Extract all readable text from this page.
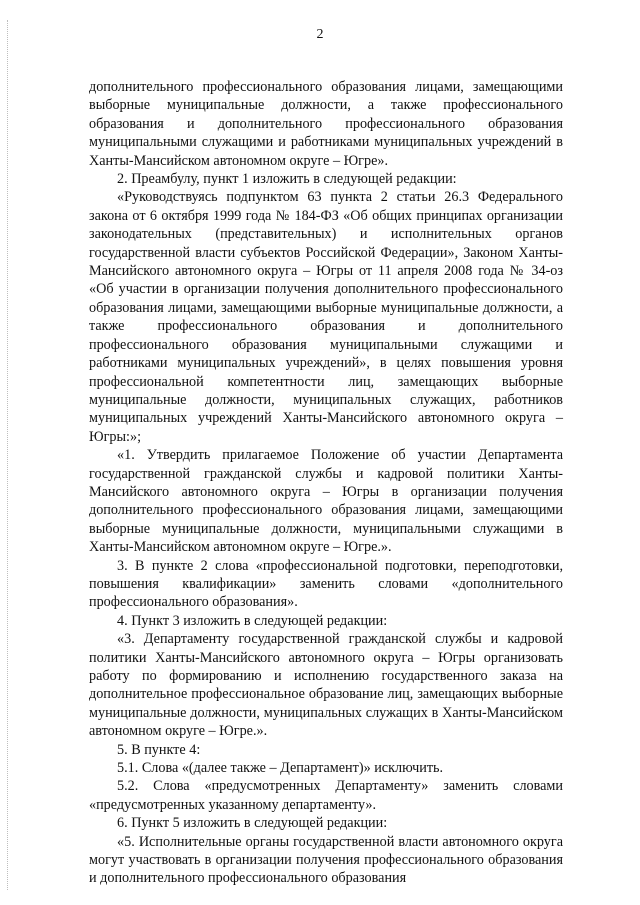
2

дополнительного профессионального образования лицами, замещающими выборные муниципальные должности, а также профессионального образования и дополнительного профессионального образования муниципальными служащими и работниками муниципальных учреждений в Ханты-Мансийском автономном округе – Югре».

2. Преамбулу, пункт 1 изложить в следующей редакции:

«Руководствуясь подпунктом 63 пункта 2 статьи 26.3 Федерального закона от 6 октября 1999 года № 184-ФЗ «Об общих принципах организации законодательных (представительных) и исполнительных органов государственной власти субъектов Российской Федерации», Законом Ханты-Мансийского автономного округа – Югры от 11 апреля 2008 года № 34-оз «Об участии в организации получения дополнительного профессионального образования лицами, замещающими выборные муниципальные должности, а также профессионального образования и дополнительного профессионального образования муниципальными служащими и работниками муниципальных учреждений», в целях повышения уровня профессиональной компетентности лиц, замещающих выборные муниципальные должности, муниципальных служащих, работников муниципальных учреждений Ханты-Мансийского автономного округа – Югры:»;

«1. Утвердить прилагаемое Положение об участии Департамента государственной гражданской службы и кадровой политики Ханты-Мансийского автономного округа – Югры в организации получения дополнительного профессионального образования лицами, замещающими выборные муниципальные должности, муниципальными служащими в Ханты-Мансийском автономном округе – Югре.».

3. В пункте 2 слова «профессиональной подготовки, переподготовки, повышения квалификации» заменить словами «дополнительного профессионального образования».

4. Пункт 3 изложить в следующей редакции:

«3. Департаменту государственной гражданской службы и кадровой политики Ханты-Мансийского автономного округа – Югры организовать работу по формированию и исполнению государственного заказа на дополнительное профессиональное образование лиц, замещающих выборные муниципальные должности, муниципальных служащих в Ханты-Мансийском автономном округе – Югре.».

5. В пункте 4:

5.1. Слова «(далее также – Департамент)» исключить.

5.2. Слова «предусмотренных Департаменту» заменить словами «предусмотренных указанному департаменту».

6. Пункт 5 изложить в следующей редакции:

«5. Исполнительные органы государственной власти автономного округа могут участвовать в организации получения профессионального образования и дополнительного профессионального образования
